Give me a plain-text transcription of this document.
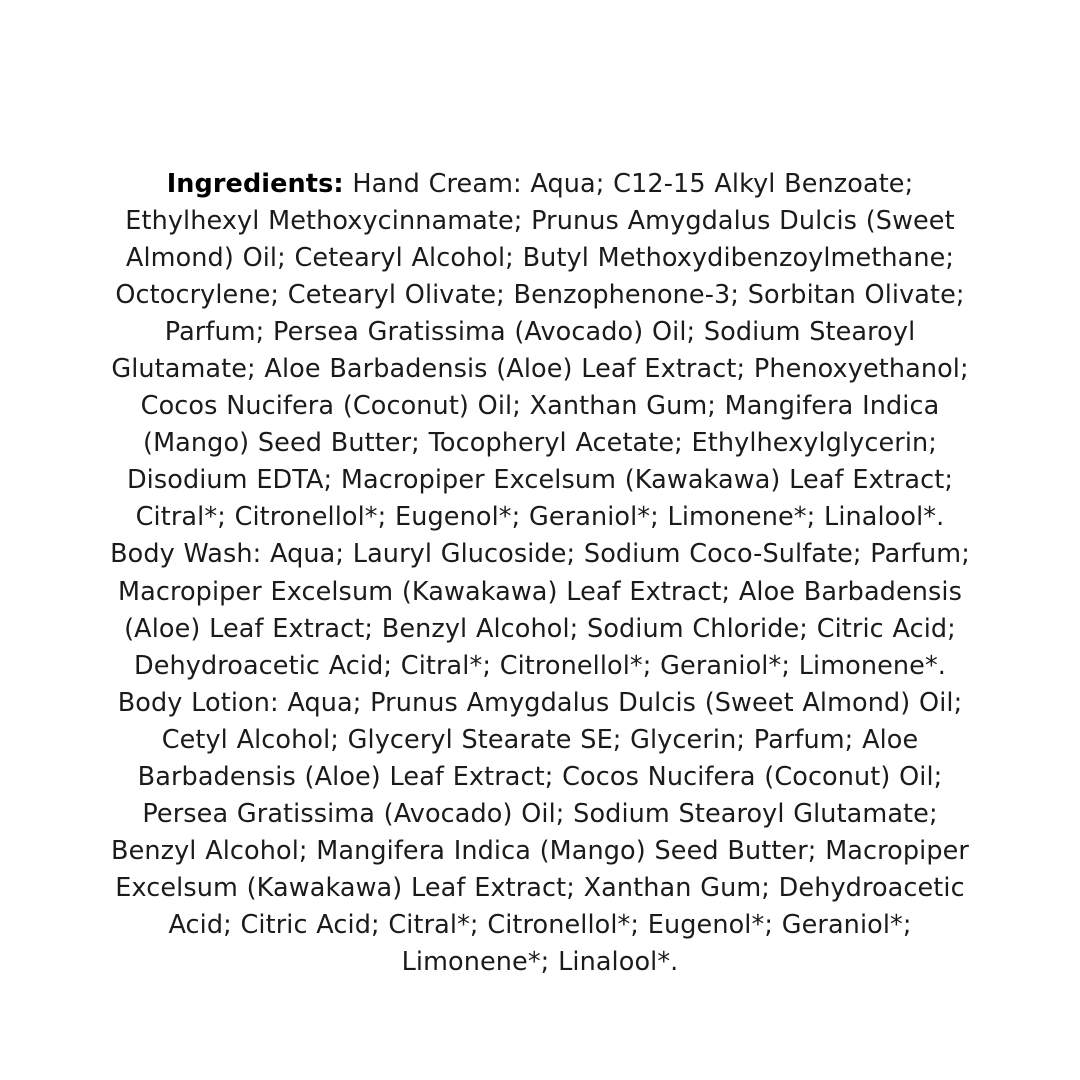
Ingredients: Hand Cream: Aqua; C12-15 Alkyl Benzoate; Ethylhexyl Methoxycinnamate; Prunus Amygdalus Dulcis (Sweet Almond) Oil; Cetearyl Alcohol; Butyl Methoxydibenzoylmethane; Octocrylene; Cetearyl Olivate; Benzophenone-3; Sorbitan Olivate; Parfum; Persea Gratissima (Avocado) Oil; Sodium Stearoyl Glutamate; Aloe Barbadensis (Aloe) Leaf Extract; Phenoxyethanol; Cocos Nucifera (Coconut) Oil; Xanthan Gum; Mangifera Indica (Mango) Seed Butter; Tocopheryl Acetate; Ethylhexylglycerin; Disodium EDTA; Macropiper Excelsum (Kawakawa) Leaf Extract; Citral*; Citronellol*; Eugenol*; Geraniol*; Limonene*; Linalool*. Body Wash: Aqua; Lauryl Glucoside; Sodium Coco-Sulfate; Parfum; Macropiper Excelsum (Kawakawa) Leaf Extract; Aloe Barbadensis (Aloe) Leaf Extract; Benzyl Alcohol; Sodium Chloride; Citric Acid; Dehydroacetic Acid; Citral*; Citronellol*; Geraniol*; Limonene*. Body Lotion: Aqua; Prunus Amygdalus Dulcis (Sweet Almond) Oil; Cetyl Alcohol; Glyceryl Stearate SE; Glycerin; Parfum; Aloe Barbadensis (Aloe) Leaf Extract; Cocos Nucifera (Coconut) Oil; Persea Gratissima (Avocado) Oil; Sodium Stearoyl Glutamate; Benzyl Alcohol; Mangifera Indica (Mango) Seed Butter; Macropiper Excelsum (Kawakawa) Leaf Extract; Xanthan Gum; Dehydroacetic Acid; Citric Acid; Citral*; Citronellol*; Eugenol*; Geraniol*; Limonene*; Linalool*.
